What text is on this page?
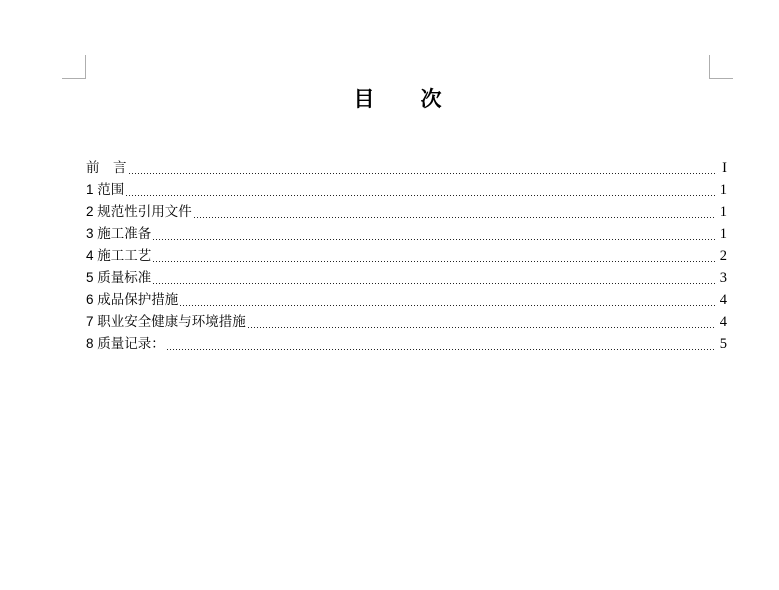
目 次
前　言	I
1 范围	1
2 规范性引用文件	1
3 施工准备	1
4 施工工艺	2
5 质量标准	3
6 成品保护措施	4
7 职业安全健康与环境措施	4
8 质量记录：	5
